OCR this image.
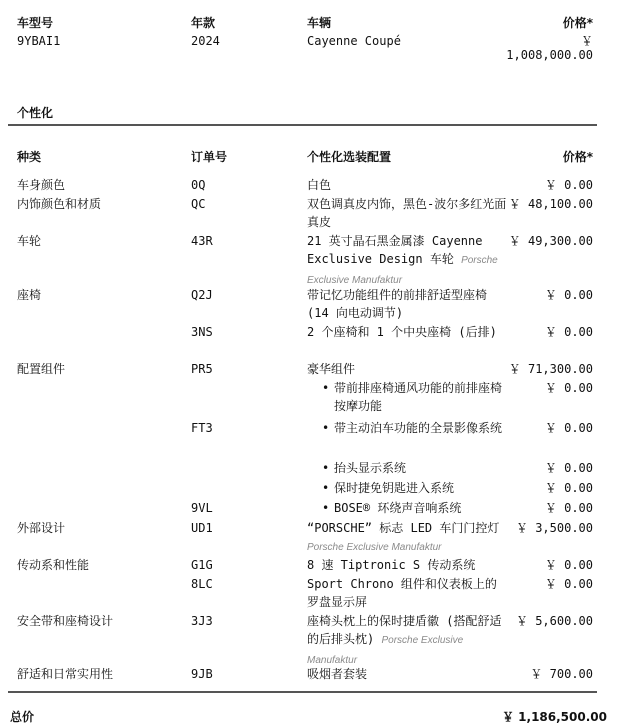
车型号	年款	车辆	价格*
9YBAI1	2024	Cayenne Coupé	￥
1,008,000.00
个性化
种类	订单号	个性化选装配置	价格*
车身颜色	0Q	白色	￥ 0.00
内饰颜色和材质	QC	双色调真皮内饰，黑色-波尔多红光面真皮
￥ 48,100.00
车轮	43R	21 英寸晶石黑金属漆 Cayenne Exclusive Design 车轮 Porsche Exclusive Manufaktur
￥ 49,300.00
座椅	Q2J	带记忆功能组件的前排舒适型座椅 (14 向电动调节)
￥ 0.00
3NS	2 个座椅和 1 个中央座椅 (后排)	￥ 0.00
配置组件	PR5	豪华组件	￥ 71,300.00
• 带前排座椅通风功能的前排座椅按摩功能
￥ 0.00
FT3	• 带主动泊车功能的全景影像系统	￥ 0.00
• 抬头显示系统	￥ 0.00
• 保时捷免钥匙进入系统	￥ 0.00
9VL	• BOSE® 环绕声音响系统	￥ 0.00
外部设计	UD1	“PORSCHE” 标志 LED 车门门控灯 Porsche Exclusive Manufaktur
￥ 3,500.00
传动系和性能	G1G	8 速 Tiptronic S 传动系统	￥ 0.00
8LC	Sport Chrono 组件和仪表板上的罗盘显示屏
￥ 0.00
安全带和座椅设计	3J3	座椅头枕上的保时捷盾徽 (搭配舒适的后排头枕) Porsche Exclusive Manufaktur
￥ 5,600.00
舒适和日常实用性	9JB	吸烟者套装	￥ 700.00
总价	￥ 1,186,500.00
